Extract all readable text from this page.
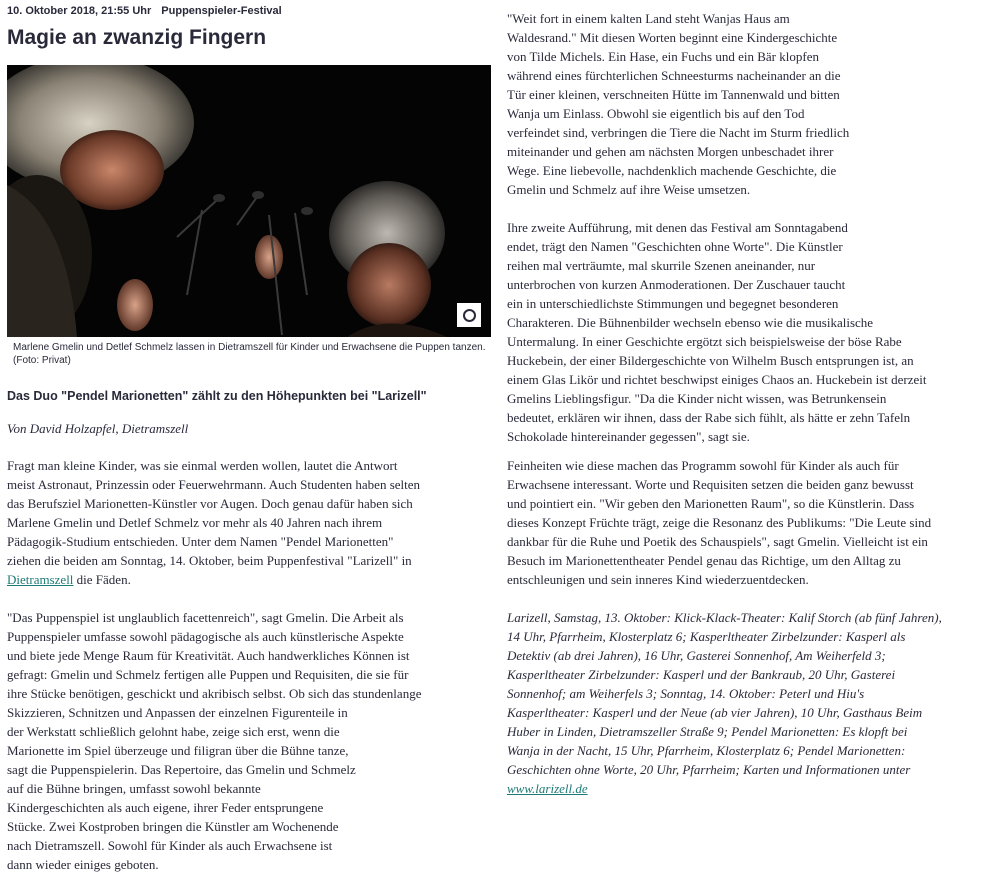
10. Oktober 2018, 21:55 Uhr Puppenspieler-Festival
Magie an zwanzig Fingern
Marlene Gmelin und Detlef Schmelz lassen in Dietramszell für Kinder und Erwachsene die Puppen tanzen. (Foto: Privat)
Das Duo "Pendel Marionetten" zählt zu den Höhepunkten bei "Larizell"
Von David Holzapfel, Dietramszell

Fragt man kleine Kinder, was sie einmal werden wollen, lautet die Antwort
meist Astronaut, Prinzessin oder Feuerwehrmann. Auch Studenten haben selten
das Berufsziel Marionetten-Künstler vor Augen. Doch genau dafür haben sich
Marlene Gmelin und Detlef Schmelz vor mehr als 40 Jahren nach ihrem
Pädagogik-Studium entschieden. Unter dem Namen "Pendel Marionetten"
ziehen die beiden am Sonntag, 14. Oktober, beim Puppenfestival "Larizell" in
Dietramszell die Fäden.

"Das Puppenspiel ist unglaublich facettenreich", sagt Gmelin. Die Arbeit als
Puppenspieler umfasse sowohl pädagogische als auch künstlerische Aspekte
und biete jede Menge Raum für Kreativität. Auch handwerkliches Können ist
gefragt: Gmelin und Schmelz fertigen alle Puppen und Requisiten, die sie für
ihre Stücke benötigen, geschickt und akribisch selbst. Ob sich das stundenlange
Skizzieren, Schnitzen und Anpassen der einzelnen Figurenteile in
der Werkstatt schließlich gelohnt habe, zeige sich erst, wenn die
Marionette im Spiel überzeuge und filigran über die Bühne tanze,
sagt die Puppenspielerin. Das Repertoire, das Gmelin und Schmelz
auf die Bühne bringen, umfasst sowohl bekannte
Kindergeschichten als auch eigene, ihrer Feder entsprungene
Stücke. Zwei Kostproben bringen die Künstler am Wochenende
nach Dietramszell. Sowohl für Kinder als auch Erwachsene ist
dann wieder einiges geboten.

"Weit fort in einem kalten Land steht Wanjas Haus am
Waldesrand." Mit diesen Worten beginnt eine Kindergeschichte
von Tilde Michels. Ein Hase, ein Fuchs und ein Bär klopfen
während eines fürchterlichen Schneesturms nacheinander an die
Tür einer kleinen, verschneiten Hütte im Tannenwald und bitten
Wanja um Einlass. Obwohl sie eigentlich bis auf den Tod
verfeindet sind, verbringen die Tiere die Nacht im Sturm friedlich
miteinander und gehen am nächsten Morgen unbeschadet ihrer
Wege. Eine liebevolle, nachdenklich machende Geschichte, die
Gmelin und Schmelz auf ihre Weise umsetzen.

Ihre zweite Aufführung, mit denen das Festival am Sonntagabend
endet, trägt den Namen "Geschichten ohne Worte". Die Künstler
reihen mal verträumte, mal skurrile Szenen aneinander, nur
unterbrochen von kurzen Anmoderationen. Der Zuschauer taucht
ein in unterschiedlichste Stimmungen und begegnet besonderen
Charakteren. Die Bühnenbilder wechseln ebenso wie die musikalische
Untermalung. In einer Geschichte ergötzt sich beispielsweise der böse Rabe
Huckebein, der einer Bildergeschichte von Wilhelm Busch entsprungen ist, an
einem Glas Likör und richtet beschwipst einiges Chaos an. Huckebein ist derzeit
Gmelins Lieblingsfigur. "Da die Kinder nicht wissen, was Betrunkensein
bedeutet, erklären wir ihnen, dass der Rabe sich fühlt, als hätte er zehn Tafeln
Schokolade hintereinander gegessen", sagt sie.

Feinheiten wie diese machen das Programm sowohl für Kinder als auch für
Erwachsene interessant. Worte und Requisiten setzen die beiden ganz bewusst
und pointiert ein. "Wir geben den Marionetten Raum", so die Künstlerin. Dass
dieses Konzept Früchte trägt, zeige die Resonanz des Publikums: "Die Leute sind
dankbar für die Ruhe und Poetik des Schauspiels", sagt Gmelin. Vielleicht ist ein
Besuch im Marionettentheater Pendel genau das Richtige, um den Alltag zu
entschleunigen und sein inneres Kind wiederzuentdecken.

Larizell, Samstag, 13. Oktober: Klick-Klack-Theater: Kalif Storch (ab fünf Jahren),
14 Uhr, Pfarrheim, Klosterplatz 6; Kasperltheater Zirbelzunder: Kasperl als
Detektiv (ab drei Jahren), 16 Uhr, Gasterei Sonnenhof, Am Weiherfeld 3;
Kasperltheater Zirbelzunder: Kasperl und der Bankraub, 20 Uhr, Gasterei
Sonnenhof; am Weiherfels 3; Sonntag, 14. Oktober: Peterl und Hiu's
Kasperltheater: Kasperl und der Neue (ab vier Jahren), 10 Uhr, Gasthaus Beim
Huber in Linden, Dietramszeller Straße 9; Pendel Marionetten: Es klopft bei
Wanja in der Nacht, 15 Uhr, Pfarrheim, Klosterplatz 6; Pendel Marionetten:
Geschichten ohne Worte, 20 Uhr, Pfarrheim; Karten und Informationen unter
www.larizell.de
